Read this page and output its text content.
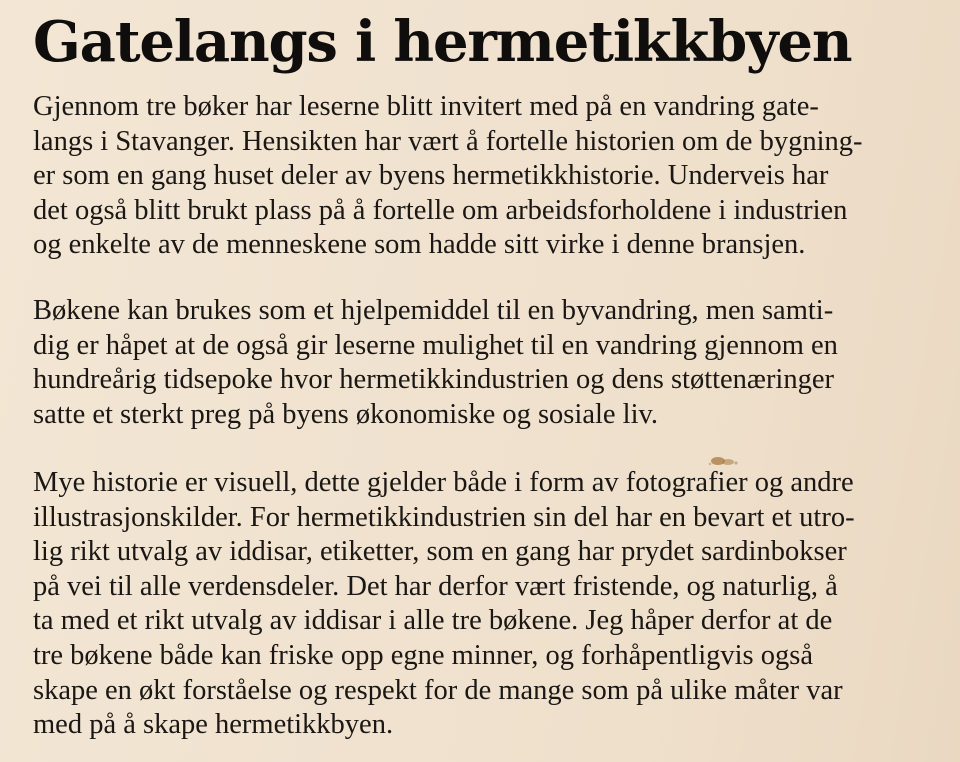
Gatelangs i hermetikkbyen

Gjennom tre bøker har leserne blitt invitert med på en vandring gate-
langs i Stavanger. Hensikten har vært å fortelle historien om de bygning-
er som en gang huset deler av byens hermetikkhistorie. Underveis har
det også blitt brukt plass på å fortelle om arbeidsforholdene i industrien
og enkelte av de menneskene som hadde sitt virke i denne bransjen.

Bøkene kan brukes som et hjelpemiddel til en byvandring, men samti-
dig er håpet at de også gir leserne mulighet til en vandring gjennom en
hundreårig tidsepoke hvor hermetikkindustrien og dens støttenæringer
satte et sterkt preg på byens økonomiske og sosiale liv.

Mye historie er visuell, dette gjelder både i form av fotografier og andre
illustrasjonskilder. For hermetikkindustrien sin del har en bevart et utro-
lig rikt utvalg av iddisar, etiketter, som en gang har prydet sardinbokser
på vei til alle verdensdeler. Det har derfor vært fristende, og naturlig, å
ta med et rikt utvalg av iddisar i alle tre bøkene. Jeg håper derfor at de
tre bøkene både kan friske opp egne minner, og forhåpentligvis også
skape en økt forståelse og respekt for de mange som på ulike måter var
med på å skape hermetikkbyen.
